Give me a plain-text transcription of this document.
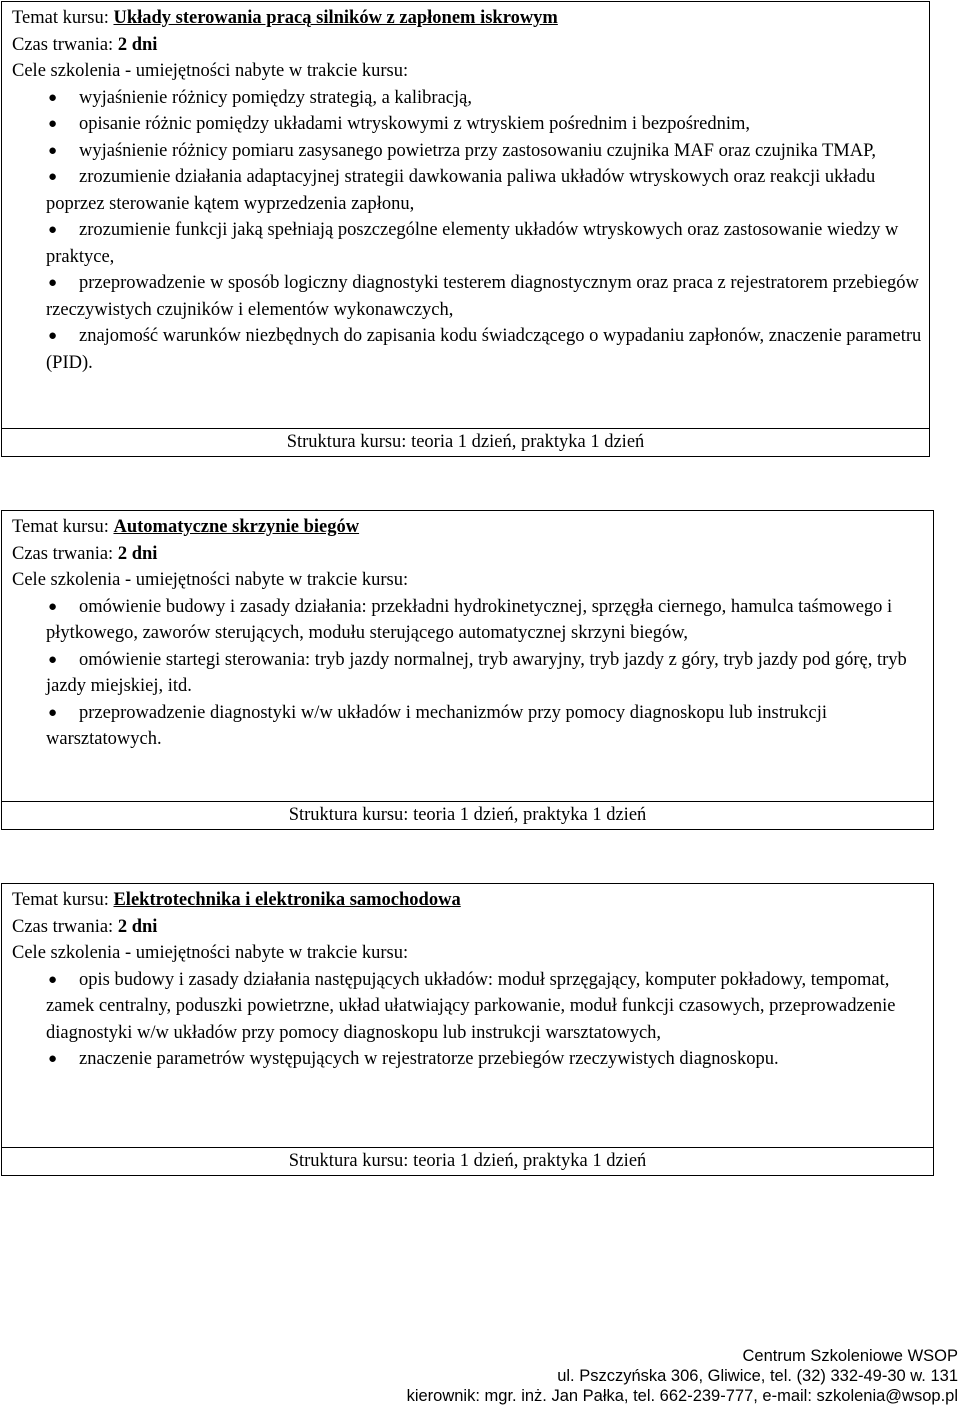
Temat kursu: Układy sterowania pracą silników z zapłonem iskrowym
Czas trwania: 2 dni
Cele szkolenia - umiejętności nabyte w trakcie kursu:
●	wyjaśnienie różnicy pomiędzy strategią, a kalibracją,
●	opisanie różnic pomiędzy układami wtryskowymi z wtryskiem pośrednim i bezpośrednim,
●	wyjaśnienie różnicy pomiaru zasysanego powietrza przy zastosowaniu czujnika MAF oraz czujnika TMAP,
●	zrozumienie działania adaptacyjnej strategii dawkowania paliwa układów wtryskowych oraz reakcji układu poprzez sterowanie kątem wyprzedzenia zapłonu,
●	zrozumienie funkcji jaką spełniają poszczególne elementy układów wtryskowych oraz zastosowanie wiedzy w praktyce,
●	przeprowadzenie w sposób logiczny diagnostyki testerem diagnostycznym oraz praca z rejestratorem przebiegów rzeczywistych czujników i elementów wykonawczych,
●	znajomość warunków niezbędnych do zapisania kodu świadczącego o wypadaniu zapłonów, znaczenie parametru (PID).
Struktura kursu: teoria 1 dzień, praktyka 1 dzień
Temat kursu: Automatyczne skrzynie biegów
Czas trwania: 2 dni
Cele szkolenia - umiejętności nabyte w trakcie kursu:
●	omówienie budowy i zasady działania: przekładni hydrokinetycznej, sprzęgła ciernego, hamulca taśmowego i płytkowego, zaworów sterujących, modułu sterującego automatycznej skrzyni biegów,
●	omówienie startegi sterowania: tryb jazdy normalnej, tryb awaryjny, tryb jazdy z góry, tryb jazdy pod górę, tryb jazdy miejskiej, itd.
●	przeprowadzenie diagnostyki w/w układów i mechanizmów przy pomocy diagnoskopu lub instrukcji warsztatowych.
Struktura kursu: teoria 1 dzień, praktyka 1 dzień
Temat kursu: Elektrotechnika i elektronika samochodowa
Czas trwania: 2 dni
Cele szkolenia - umiejętności nabyte w trakcie kursu:
●	opis budowy i zasady działania następujących układów: moduł sprzęgający, komputer pokładowy, tempomat, zamek centralny, poduszki powietrzne, układ ułatwiający parkowanie, moduł funkcji czasowych, przeprowadzenie diagnostyki w/w układów przy pomocy diagnoskopu lub instrukcji warsztatowych,
●	znaczenie parametrów występujących w rejestratorze przebiegów rzeczywistych diagnoskopu.
Struktura kursu: teoria 1 dzień, praktyka 1 dzień
Centrum Szkoleniowe WSOP
ul. Pszczyńska 306, Gliwice, tel. (32) 332-49-30 w. 131
kierownik: mgr. inż. Jan Pałka, tel. 662-239-777, e-mail: szkolenia@wsop.pl
